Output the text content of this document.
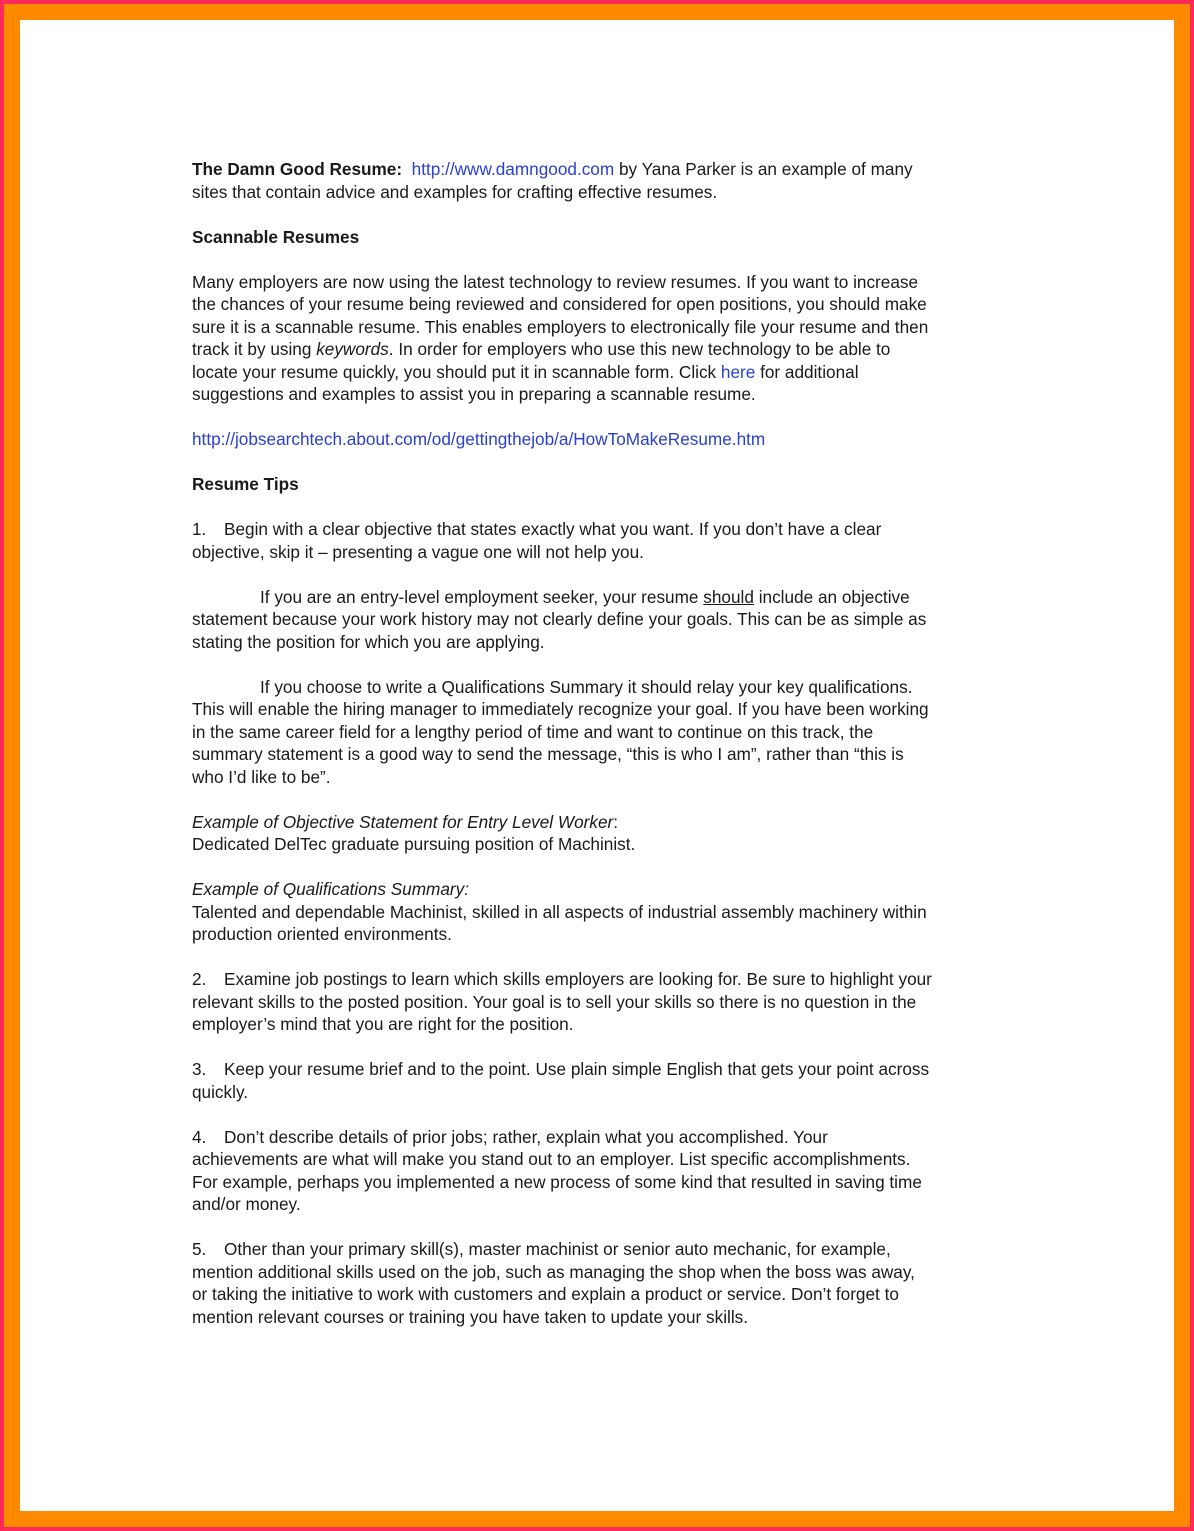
The Damn Good Resume: http://www.damngood.com by Yana Parker is an example of many

sites that contain advice and examples for crafting effective resumes.

Scannable Resumes

Many employers are now using the latest technology to review resumes. If you want to increase

the chances of your resume being reviewed and considered for open positions, you should make

sure it is a scannable resume. This enables employers to electronically file your resume and then

track it by using keywords. In order for employers who use this new technology to be able to

locate your resume quickly, you should put it in scannable form. Click here for additional

suggestions and examples to assist you in preparing a scannable resume.

http://jobsearchtech.about.com/od/gettingthejob/a/HowToMakeResume.htm

Resume Tips

1. Begin with a clear objective that states exactly what you want. If you don’t have a clear

objective, skip it – presenting a vague one will not help you.

If you are an entry-level employment seeker, your resume should include an objective

statement because your work history may not clearly define your goals. This can be as simple as

stating the position for which you are applying.

If you choose to write a Qualifications Summary it should relay your key qualifications.

This will enable the hiring manager to immediately recognize your goal. If you have been working

in the same career field for a lengthy period of time and want to continue on this track, the

summary statement is a good way to send the message, “this is who I am”, rather than “this is

who I’d like to be”.

Example of Objective Statement for Entry Level Worker:

Dedicated DelTec graduate pursuing position of Machinist.

Example of Qualifications Summary:

Talented and dependable Machinist, skilled in all aspects of industrial assembly machinery within

production oriented environments.

2. Examine job postings to learn which skills employers are looking for. Be sure to highlight your

relevant skills to the posted position. Your goal is to sell your skills so there is no question in the

employer’s mind that you are right for the position.

3. Keep your resume brief and to the point. Use plain simple English that gets your point across

quickly.

4. Don’t describe details of prior jobs; rather, explain what you accomplished. Your

achievements are what will make you stand out to an employer. List specific accomplishments.

For example, perhaps you implemented a new process of some kind that resulted in saving time

and/or money.

5. Other than your primary skill(s), master machinist or senior auto mechanic, for example,

mention additional skills used on the job, such as managing the shop when the boss was away,

or taking the initiative to work with customers and explain a product or service. Don’t forget to

mention relevant courses or training you have taken to update your skills.
